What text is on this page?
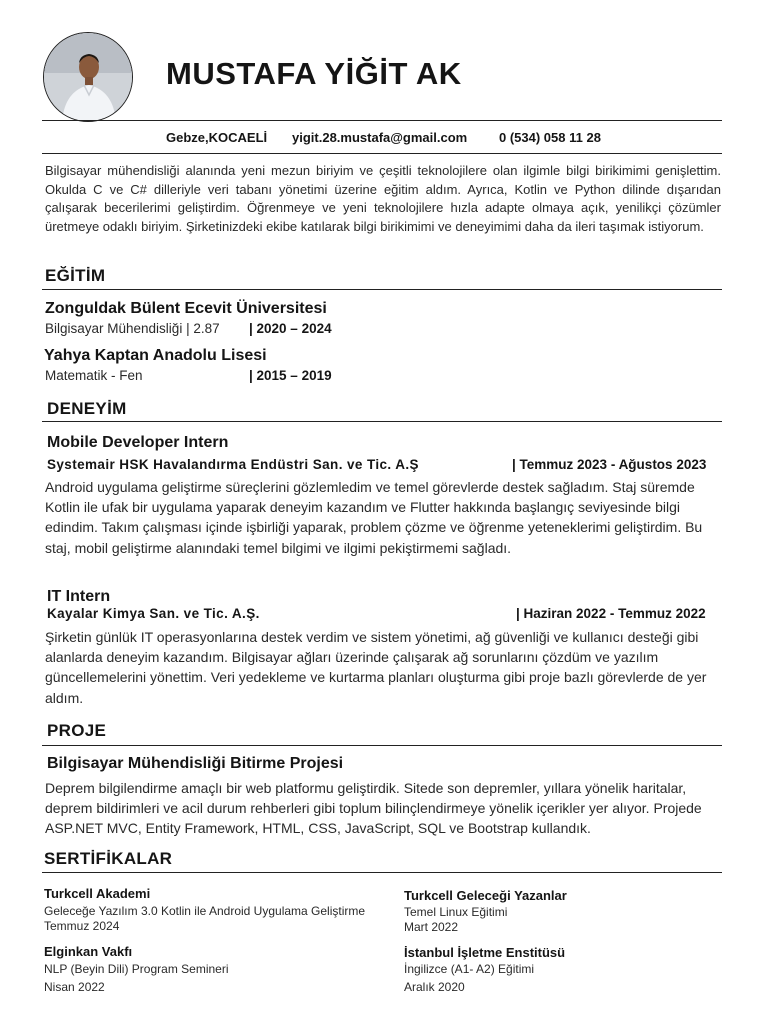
MUSTAFA YİĞİT AK
Gebze,KOCAELİ yigit.28.mustafa@gmail.com 0 (534) 058 11 28
Bilgisayar mühendisliği alanında yeni mezun biriyim ve çeşitli teknolojilere olan ilgimle bilgi birikimimi genişlettim. Okulda C ve C# dilleriyle veri tabanı yönetimi üzerine eğitim aldım. Ayrıca, Kotlin ve Python dilinde dışarıdan çalışarak becerilerimi geliştirdim. Öğrenmeye ve yeni teknolojilere hızla adapte olmaya açık, yenilikçi çözümler üretmeye odaklı biriyim. Şirketinizdeki ekibe katılarak bilgi birikimimi ve deneyimimi daha da ileri taşımak istiyorum.
EĞİTİM
Zonguldak Bülent Ecevit Üniversitesi
Bilgisayar Mühendisliği | 2.87 | 2020 – 2024
Yahya Kaptan Anadolu Lisesi
Matematik - Fen	| 2015 – 2019
DENEYİM
Mobile Developer Intern
Systemair HSK Havalandırma Endüstri San. ve Tic. A.Ş	| Temmuz 2023 - Ağustos 2023
Android uygulama geliştirme süreçlerini gözlemledim ve temel görevlerde destek sağladım. Staj süremde Kotlin ile ufak bir uygulama yaparak deneyim kazandım ve Flutter hakkında başlangıç seviyesinde bilgi edindim. Takım çalışması içinde işbirliği yaparak, problem çözme ve öğrenme yeteneklerimi geliştirdim. Bu staj, mobil geliştirme alanındaki temel bilgimi ve ilgimi pekiştirmemi sağladı.
IT Intern
Kayalar Kimya San. ve Tic. A.Ş.	| Haziran 2022 - Temmuz 2022
Şirketin günlük IT operasyonlarına destek verdim ve sistem yönetimi, ağ güvenliği ve kullanıcı desteği gibi alanlarda deneyim kazandım. Bilgisayar ağları üzerinde çalışarak ağ sorunlarını çözdüm ve yazılım güncellemelerini yönettim. Veri yedekleme ve kurtarma planları oluşturma gibi proje bazlı görevlerde de yer aldım.
PROJE
Bilgisayar Mühendisliği Bitirme Projesi
Deprem bilgilendirme amaçlı bir web platformu geliştirdik. Sitede son depremler, yıllara yönelik haritalar, deprem bildirimleri ve acil durum rehberleri gibi toplum bilinçlendirmeye yönelik içerikler yer alıyor. Projede ASP.NET MVC, Entity Framework, HTML, CSS, JavaScript, SQL ve Bootstrap kullandık.
SERTİFİKALAR
Turkcell Akademi
Geleceğe Yazılım 3.0 Kotlin ile Android Uygulama Geliştirme
Temmuz 2024
Turkcell Geleceği Yazanlar
Temel Linux Eğitimi
Mart 2022
Elginkan Vakfı
NLP (Beyin Dili) Program Semineri
Nisan 2022
İstanbul İşletme Enstitüsü
İngilizce (A1- A2) Eğitimi
Aralık 2020
